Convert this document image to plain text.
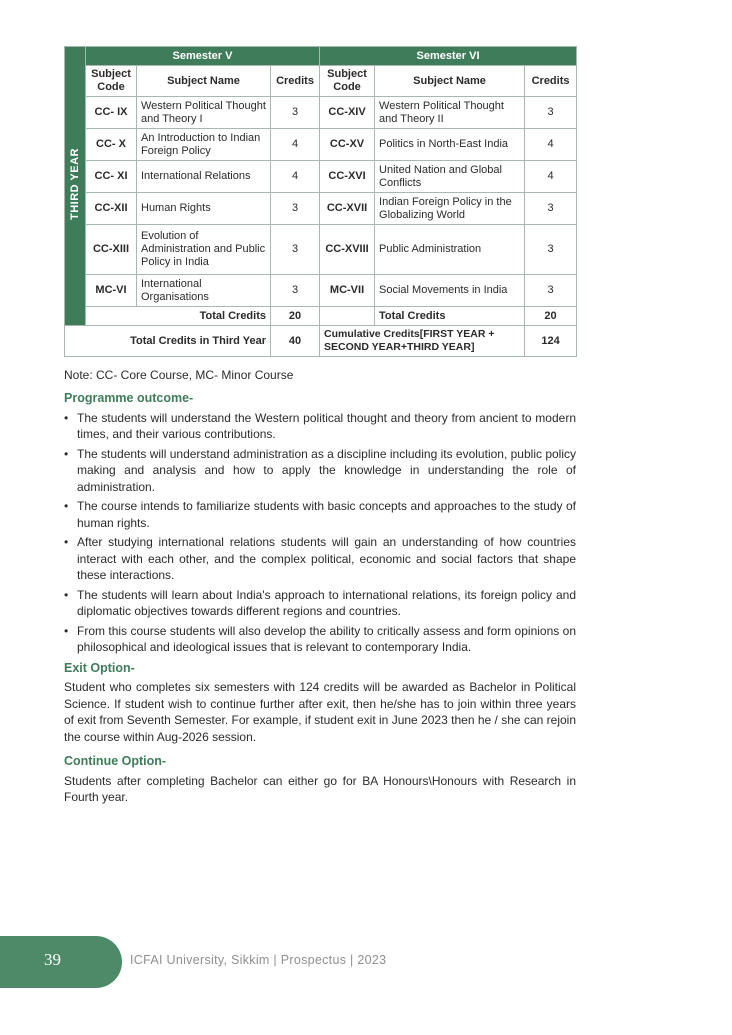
THIRD YEAR	Semester V			Semester VI		
	Subject Code	Subject Name	Credits	Subject Code	Subject Name	Credits
	CC- IX	Western Political Thought and Theory I	3	CC-XIV	Western Political Thought and Theory II	3
	CC- X	An Introduction to Indian Foreign Policy	4	CC-XV	Politics in North-East India	4
	CC- XI	International Relations	4	CC-XVI	United Nation and Global Conflicts	4
	CC-XII	Human Rights	3	CC-XVII	Indian Foreign Policy in the Globalizing World	3
	CC-XIII	Evolution of Administration and Public Policy in India	3	CC-XVIII	Public Administration	3
	MC-VI	International Organisations	3	MC-VII	Social Movements in India	3
	Total Credits		20		Total Credits	20
Total Credits in Third Year			40	Cumulative Credits[FIRST YEAR + SECOND YEAR+THIRD YEAR]		124
Note: CC- Core Course, MC- Minor Course
Programme outcome-
• The students will understand the Western political thought and theory from ancient to modern times, and their various contributions.
• The students will understand administration as a discipline including its evolution, public policy making and analysis and how to apply the knowledge in understanding the role of administration.
• The course intends to familiarize students with basic concepts and approaches to the study of human rights.
• After studying international relations students will gain an understanding of how countries interact with each other, and the complex political, economic and social factors that shape these interactions.
• The students will learn about India's approach to international relations, its foreign policy and diplomatic objectives towards different regions and countries.
• From this course students will also develop the ability to critically assess and form opinions on philosophical and ideological issues that is relevant to contemporary India.
Exit Option-

Student who completes six semesters with 124 credits will be awarded as Bachelor in Political Science. If student wish to continue further after exit, then he/she has to join within three years of exit from Seventh Semester. For example, if student exit in June 2023 then he / she can rejoin the course within Aug-2026 session.

Continue Option-

Students after completing Bachelor can either go for BA Honours\Honours with Research in Fourth year.

39	ICFAI University, Sikkim | Prospectus | 2023
